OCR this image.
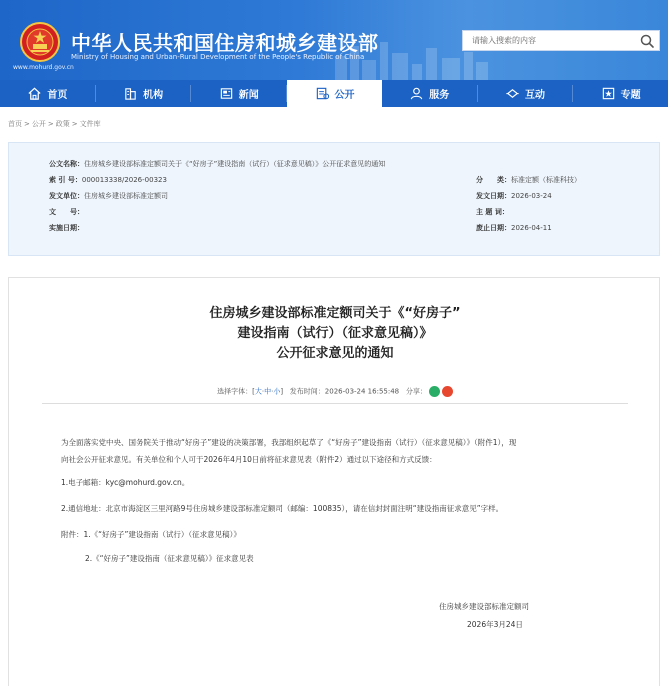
www.mohurd.gov.cn
中华人民共和国住房和城乡建设部
Ministry of Housing and Urban-Rural Development of the People's Republic of China
请输入搜索的内容
首页	机构	新闻	公开	服务	互动	专题
首页 > 公开 > 政策 > 文件库
公文名称：住房城乡建设部标准定额司关于《“好房子”建设指南（试行）（征求意见稿）》公开征求意见的通知
索 引 号：000013338/2026-00323	分　　类：标准定额（标准科技）
发文单位：住房城乡建设部标准定额司	发文日期：2026-03-24
文　　号：	主 题 词：
实施日期：	废止日期：2026-04-11
住房城乡建设部标准定额司关于《“好房子”
建设指南（试行）（征求意见稿）》
公开征求意见的通知
选择字体：[大·中·小] 发布时间：2026-03-24 16:55:48 分享：
为全面落实党中央、国务院关于推动“好房子”建设的决策部署，我部组织起草了《“好房子”建设指南（试行）（征求意见稿）》（附件1），现
向社会公开征求意见。有关单位和个人可于2026年4月10日前将征求意见表（附件2）通过以下途径和方式反馈：
1.电子邮箱：kyc@mohurd.gov.cn。
2.通信地址：北京市海淀区三里河路9号住房城乡建设部标准定额司（邮编：100835），请在信封封面注明“建设指南征求意见”字样。
附件：1.《“好房子”建设指南（试行）（征求意见稿）》
2.《“好房子”建设指南（征求意见稿）》征求意见表
住房城乡建设部标准定额司
2026年3月24日
